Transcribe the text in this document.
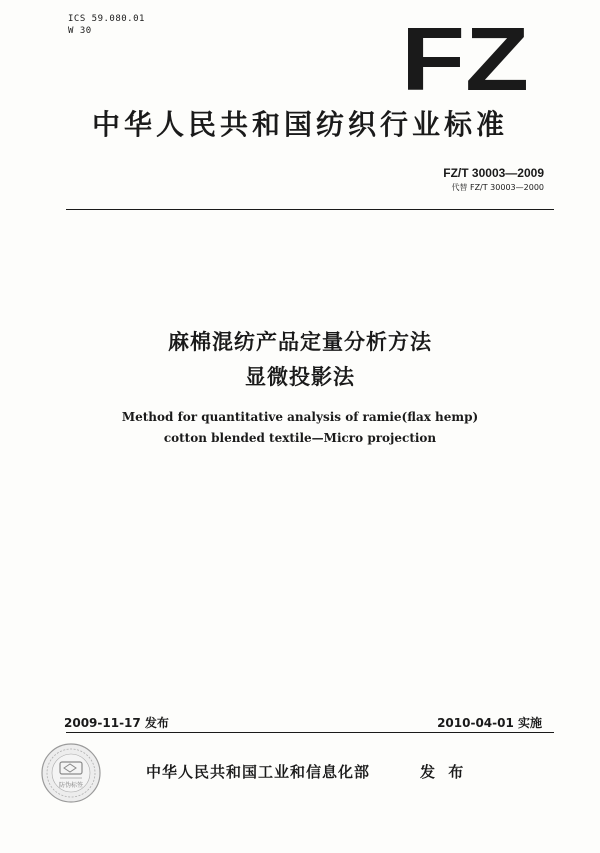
ICS 59.080.01
W 30	FZ
中华人民共和国纺织行业标准
FZ/T 30003—2009
代替 FZ/T 30003—2000
麻棉混纺产品定量分析方法
显微投影法
Method for quantitative analysis of ramie(flax hemp)
cotton blended textile—Micro projection
2009-11-17 发布	2010-04-01 实施
防伪标签
中华人民共和国工业和信息化部	发 布
